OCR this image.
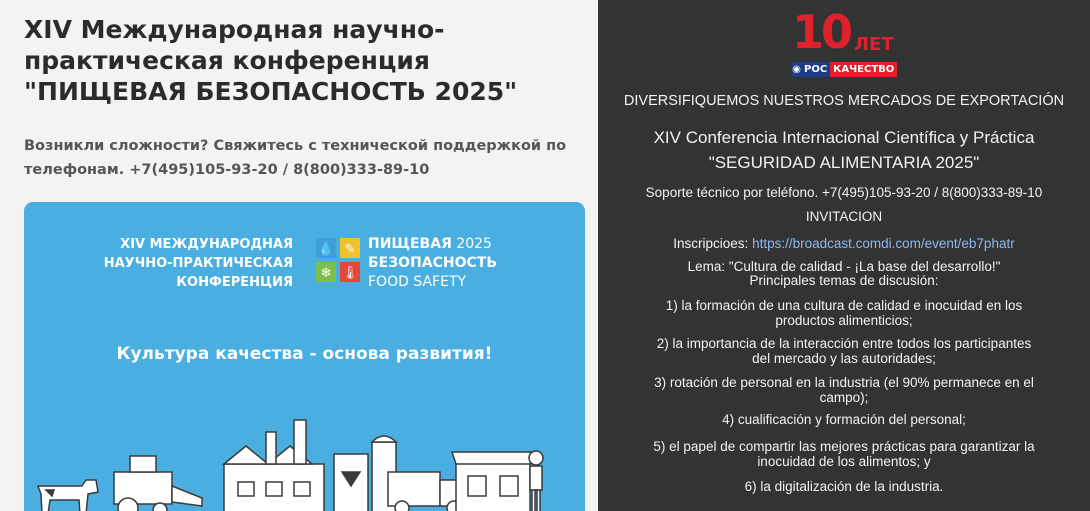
XIV Международная научно-
практическая конференция
"ПИЩЕВАЯ БЕЗОПАСНОСТЬ 2025"

Возникли сложности? Свяжитесь с технической поддержкой по
телефонам. +7(495)105-93-20 / 8(800)333-89-10

XIV МЕЖДУНАРОДНАЯ
НАУЧНО-ПРАКТИЧЕСКАЯ
КОНФЕРЕНЦИЯ
💧 ✎
❄ 🌡
ПИЩЕВАЯ 2025
БЕЗОПАСНОСТЬ
FOOD SAFETY
Культура качества - основа развития!
10 ЛЕТ
◉ РОС КАЧЕСТВО
DIVERSIFIQUEMOS NUESTROS MERCADOS DE EXPORTACIÓN
XIV Conferencia Internacional Científica y Práctica
"SEGURIDAD ALIMENTARIA 2025"
Soporte técnico por teléfono. +7(495)105-93-20 / 8(800)333-89-10
INVITACION
Inscripcioes: https://broadcast.comdi.com/event/eb7phatr
Lema: "Cultura de calidad - ¡La base del desarrollo!"
Principales temas de discusión:
1) la formación de una cultura de calidad e inocuidad en los
productos alimenticios;
2) la importancia de la interacción entre todos los participantes
del mercado y las autoridades;
3) rotación de personal en la industria (el 90% permanece en el
campo);
4) cualificación y formación del personal;
5) el papel de compartir las mejores prácticas para garantizar la
inocuidad de los alimentos; y
6) la digitalización de la industria.
